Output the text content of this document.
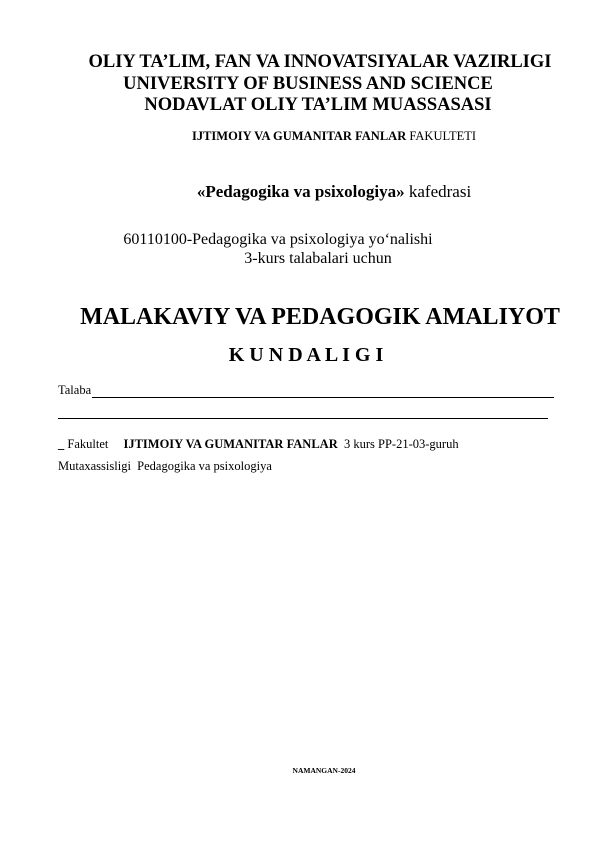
OLIY TA’LIM, FAN VA INNOVATSIYALAR VAZIRLIGI
UNIVERSITY OF BUSINESS AND SCIENCE
NODAVLAT OLIY TA’LIM MUASSASASI
IJTIMOIY VA GUMANITAR FANLAR FAKULTETI
«Pedagogika va psixologiya» kafedrasi
60110100-Pedagogika va psixologiya yo‘nalishi
3-kurs talabalari uchun
MALAKAVIY VA PEDAGOGIK AMALIYOT
K U N D A L I G I
Talaba
_ Fakultet IJTIMOIY VA GUMANITAR FANLAR 3 kurs PP-21-03-guruh
Mutaxassisligi Pedagogika va psixologiya
NAMANGAN-2024
